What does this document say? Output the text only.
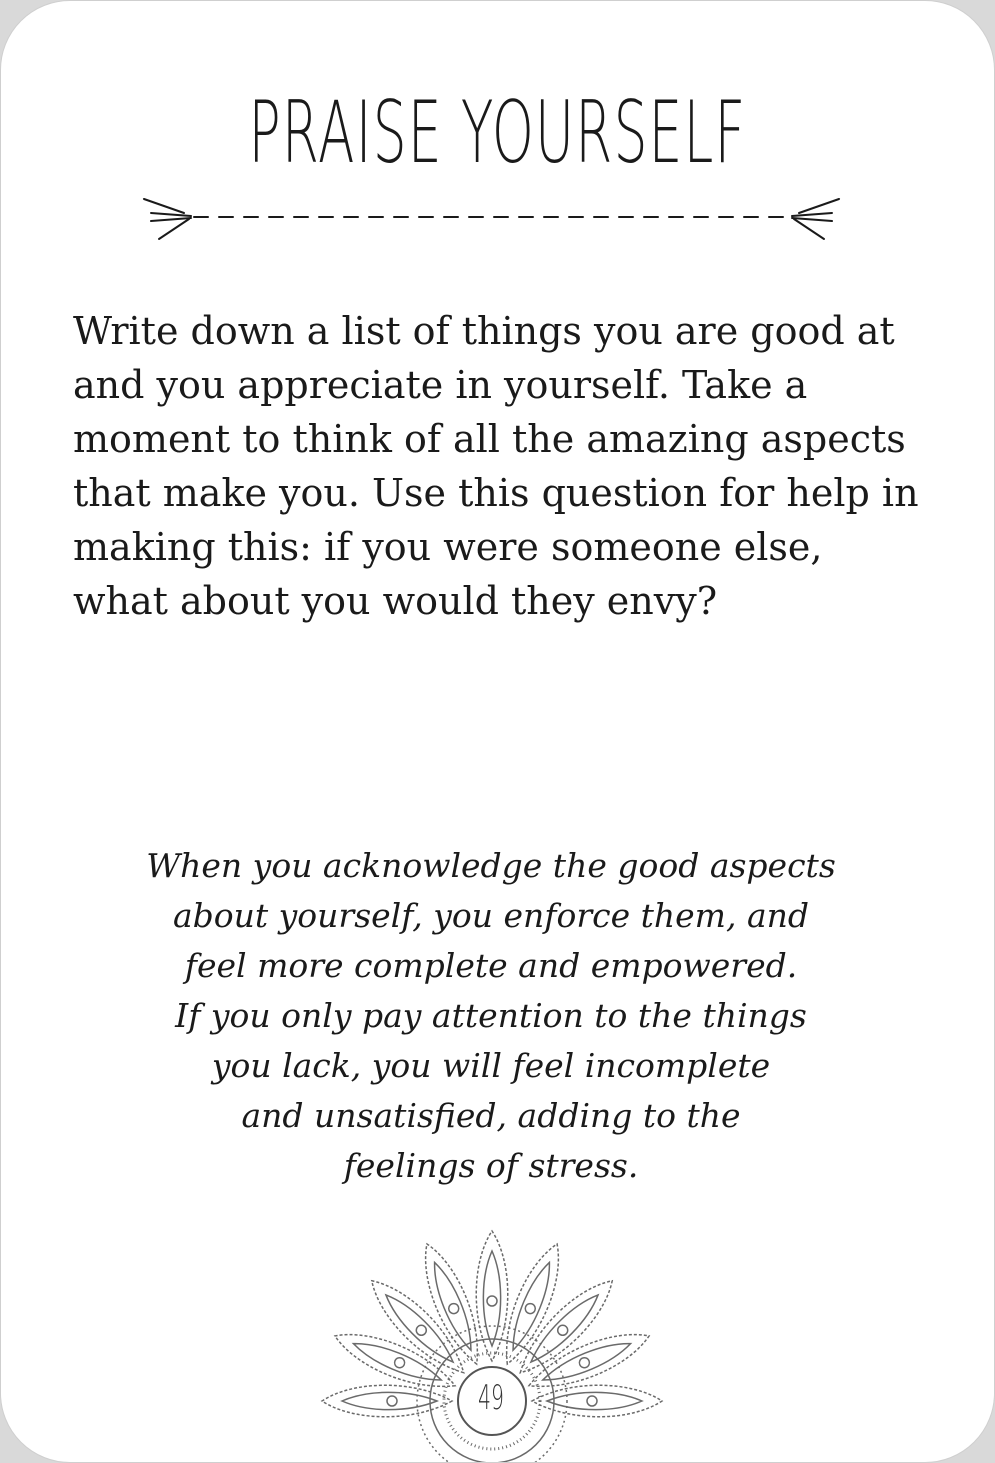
PRAISE YOURSELF

Write down a list of things you are good at and you appreciate in yourself. Take a moment to think of all the amazing aspects that make you. Use this question for help in making this: if you were someone else, what about you would they envy?

When you acknowledge the good aspects
about yourself, you enforce them, and
feel more complete and empowered.
If you only pay attention to the things
you lack, you will feel incomplete
and unsatisfied, adding to the
feelings of stress.
49
